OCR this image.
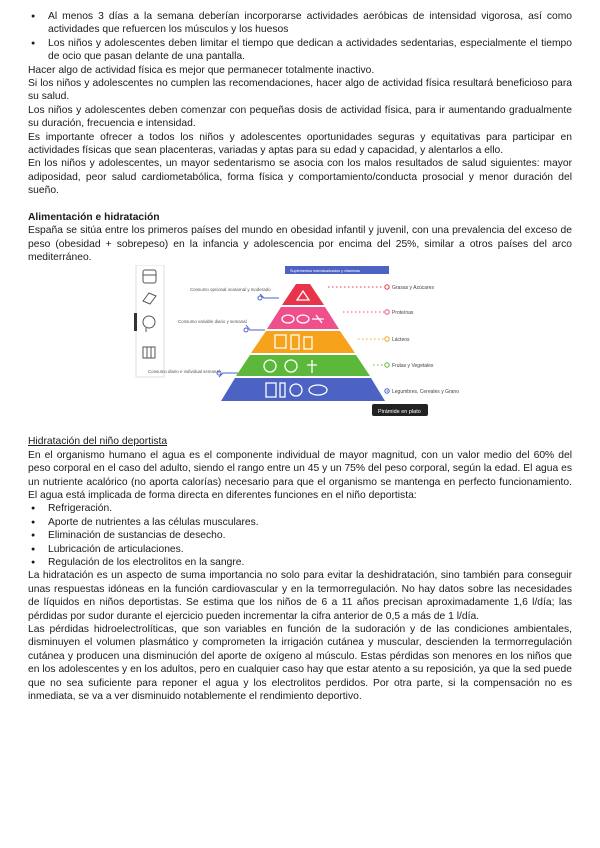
● Al menos 3 días a la semana deberían incorporarse actividades aeróbicas de intensidad vigorosa, así como actividades que refuercen los músculos y los huesos
● Los niños y adolescentes deben limitar el tiempo que dedican a actividades sedentarias, especialmente el tiempo de ocio que pasan delante de una pantalla.

Hacer algo de actividad física es mejor que permanecer totalmente inactivo.

Si los niños y adolescentes no cumplen las recomendaciones, hacer algo de actividad física resultará beneficioso para su salud.

Los niños y adolescentes deben comenzar con pequeñas dosis de actividad física, para ir aumentando gradualmente su duración, frecuencia e intensidad.

Es importante ofrecer a todos los niños y adolescentes oportunidades seguras y equitativas para participar en actividades físicas que sean placenteras, variadas y aptas para su edad y capacidad, y alentarlos a ello.

En los niños y adolescentes, un mayor sedentarismo se asocia con los malos resultados de salud siguientes: mayor adiposidad, peor salud cardiometabólica, forma física y comportamiento/conducta prosocial y menor duración del sueño.

Alimentación e hidratación

España se sitúa entre los primeros países del mundo en obesidad infantil y juvenil, con una prevalencia del exceso de peso (obesidad + sobrepeso) en la infancia y adolescencia por encima del 25%, similar a otros países del arco mediterráneo.

Suplementos individualizados y vitaminas
Grasas y Azúcares
Proteínas
Lácteos
Frutas y Vegetales
Legumbres, Cereales y Grano
Consumo opcional ocasional y moderado
Consumo variable diario y semanal
Consumo diario e individual semanal
Pirámide en plato

Hidratación del niño deportista

En el organismo humano el agua es el componente individual de mayor magnitud, con un valor medio del 60% del peso corporal en el caso del adulto, siendo el rango entre un 45 y un 75% del peso corporal, según la edad. El agua es un nutriente acalórico (no aporta calorías) necesario para que el organismo se mantenga en perfecto funcionamiento. El agua está implicada de forma directa en diferentes funciones en el niño deportista:

● Refrigeración.
● Aporte de nutrientes a las células musculares.
● Eliminación de sustancias de desecho.
● Lubricación de articulaciones.
● Regulación de los electrolitos en la sangre.

La hidratación es un aspecto de suma importancia no solo para evitar la deshidratación, sino también para conseguir unas respuestas idóneas en la función cardiovascular y en la termorregulación. No hay datos sobre las necesidades de líquidos en niños deportistas. Se estima que los niños de 6 a 11 años precisan aproximadamente 1,6 l/día; las pérdidas por sudor durante el ejercicio pueden incrementar la cifra anterior de 0,5 a más de 1 l/día.

Las pérdidas hidroelectrolíticas, que son variables en función de la sudoración y de las condiciones ambientales, disminuyen el volumen plasmático y comprometen la irrigación cutánea y muscular, descienden la termorregulación cutánea y producen una disminución del aporte de oxígeno al músculo. Estas pérdidas son menores en los niños que en los adolescentes y en los adultos, pero en cualquier caso hay que estar atento a su reposición, ya que la sed puede que no sea suficiente para reponer el agua y los electrolitos perdidos. Por otra parte, si la compensación no es inmediata, se va a ver disminuido notablemente el rendimiento deportivo.
